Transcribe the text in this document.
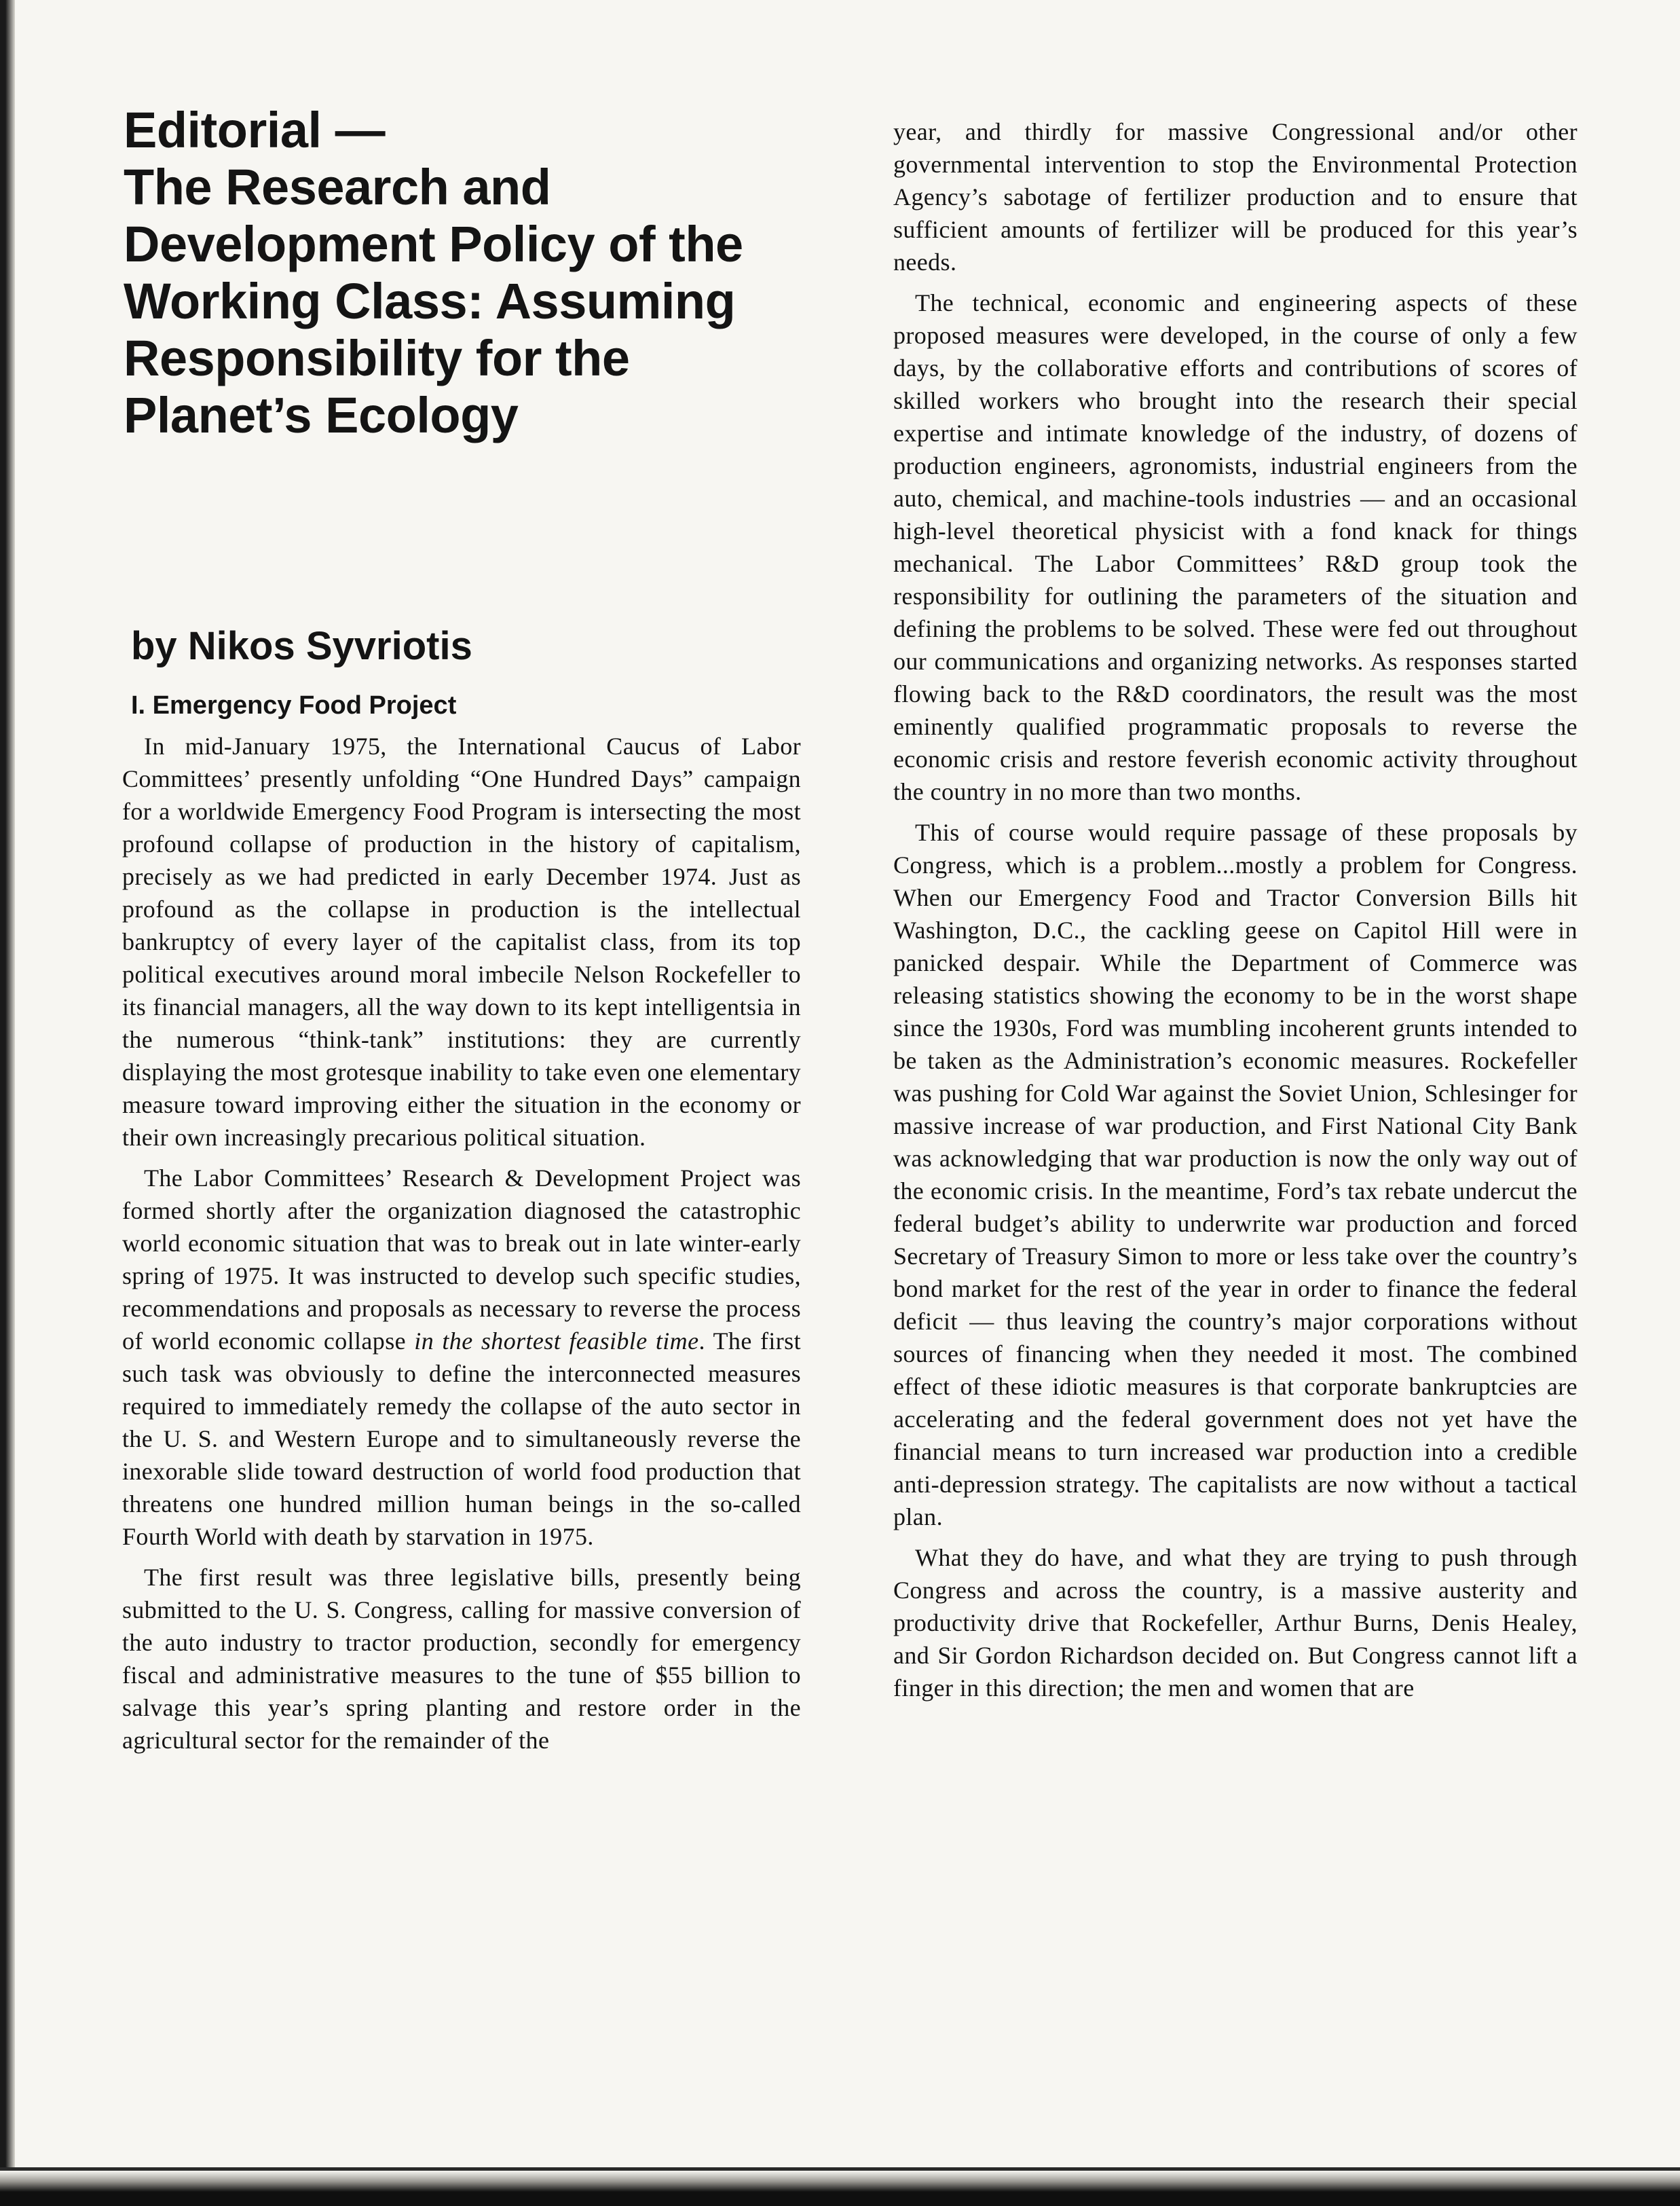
Editorial —
The Research and
Development Policy of the
Working Class: Assuming
Responsibility for the
Planet’s Ecology
by Nikos Syvriotis
I. Emergency Food Project

In mid-January 1975, the International Caucus of Labor Committees’ presently unfolding “One Hundred Days” campaign for a worldwide Emergency Food Program is intersecting the most profound collapse of production in the history of capitalism, precisely as we had predicted in early December 1974. Just as profound as the collapse in production is the intellectual bankruptcy of every layer of the capitalist class, from its top political executives around moral imbecile Nelson Rockefeller to its financial managers, all the way down to its kept intelligentsia in the numerous “think-tank” institutions: they are currently displaying the most grotesque inability to take even one elementary measure toward improving either the situation in the economy or their own increasingly precarious political situation.

The Labor Committees’ Research & Development Project was formed shortly after the organization diagnosed the catastrophic world economic situation that was to break out in late winter-early spring of 1975. It was instructed to develop such specific studies, recommendations and proposals as necessary to reverse the process of world economic collapse in the shortest feasible time. The first such task was obviously to define the interconnected measures required to immediately remedy the collapse of the auto sector in the U. S. and Western Europe and to simultaneously reverse the inexorable slide toward destruction of world food production that threatens one hundred million human beings in the so-called Fourth World with death by starvation in 1975.

The first result was three legislative bills, presently being submitted to the U. S. Congress, calling for massive conversion of the auto industry to tractor production, secondly for emergency fiscal and administrative measures to the tune of $55 billion to salvage this year’s spring planting and restore order in the agricultural sector for the remainder of the

year, and thirdly for massive Congressional and/or other governmental intervention to stop the Environmental Protection Agency’s sabotage of fertilizer production and to ensure that sufficient amounts of fertilizer will be produced for this year’s needs.

The technical, economic and engineering aspects of these proposed measures were developed, in the course of only a few days, by the collaborative efforts and contributions of scores of skilled workers who brought into the research their special expertise and intimate knowledge of the industry, of dozens of production engineers, agronomists, industrial engineers from the auto, chemical, and machine-tools industries — and an occasional high-level theoretical physicist with a fond knack for things mechanical. The Labor Committees’ R&D group took the responsibility for outlining the parameters of the situation and defining the problems to be solved. These were fed out throughout our communications and organizing networks. As responses started flowing back to the R&D coordinators, the result was the most eminently qualified programmatic proposals to reverse the economic crisis and restore feverish economic activity throughout the country in no more than two months.

This of course would require passage of these proposals by Congress, which is a problem...mostly a problem for Congress. When our Emergency Food and Tractor Conversion Bills hit Washington, D.C., the cackling geese on Capitol Hill were in panicked despair. While the Department of Commerce was releasing statistics showing the economy to be in the worst shape since the 1930s, Ford was mumbling incoherent grunts intended to be taken as the Administration’s economic measures. Rockefeller was pushing for Cold War against the Soviet Union, Schlesinger for massive increase of war production, and First National City Bank was acknowledging that war production is now the only way out of the economic crisis. In the meantime, Ford’s tax rebate undercut the federal budget’s ability to underwrite war production and forced Secretary of Treasury Simon to more or less take over the country’s bond market for the rest of the year in order to finance the federal deficit — thus leaving the country’s major corporations without sources of financing when they needed it most. The combined effect of these idiotic measures is that corporate bankruptcies are accelerating and the federal government does not yet have the financial means to turn increased war production into a credible anti-depression strategy. The capitalists are now without a tactical plan.

What they do have, and what they are trying to push through Congress and across the country, is a massive austerity and productivity drive that Rockefeller, Arthur Burns, Denis Healey, and Sir Gordon Richardson decided on. But Congress cannot lift a finger in this direction; the men and women that are
